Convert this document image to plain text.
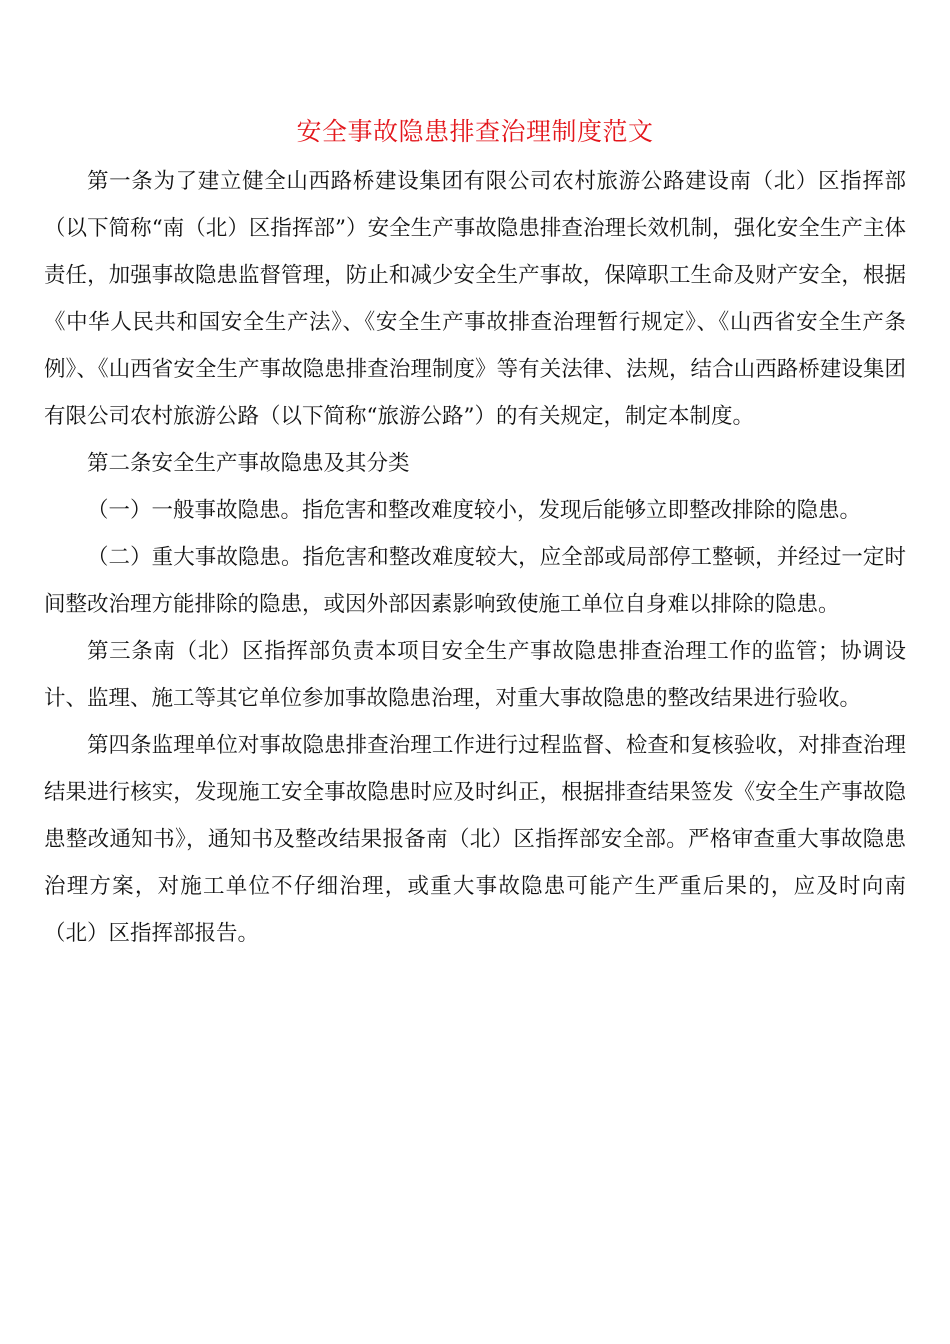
安全事故隐患排查治理制度范文

第一条为了建立健全山西路桥建设集团有限公司农村旅游公路建设南（北）区指挥部（以下简称“南（北）区指挥部”）安全生产事故隐患排查治理长效机制，强化安全生产主体责任，加强事故隐患监督管理，防止和减少安全生产事故，保障职工生命及财产安全，根据《中华人民共和国安全生产法》、《安全生产事故排查治理暂行规定》、《山西省安全生产条例》、《山西省安全生产事故隐患排查治理制度》等有关法律、法规，结合山西路桥建设集团有限公司农村旅游公路（以下简称“旅游公路”）的有关规定，制定本制度。

第二条安全生产事故隐患及其分类

（一）一般事故隐患。指危害和整改难度较小，发现后能够立即整改排除的隐患。

（二）重大事故隐患。指危害和整改难度较大，应全部或局部停工整顿，并经过一定时间整改治理方能排除的隐患，或因外部因素影响致使施工单位自身难以排除的隐患。

第三条南（北）区指挥部负责本项目安全生产事故隐患排查治理工作的监管；协调设计、监理、施工等其它单位参加事故隐患治理，对重大事故隐患的整改结果进行验收。

第四条监理单位对事故隐患排查治理工作进行过程监督、检查和复核验收，对排查治理结果进行核实，发现施工安全事故隐患时应及时纠正，根据排查结果签发《安全生产事故隐患整改通知书》，通知书及整改结果报备南（北）区指挥部安全部。严格审查重大事故隐患治理方案，对施工单位不仔细治理，或重大事故隐患可能产生严重后果的，应及时向南（北）区指挥部报告。
